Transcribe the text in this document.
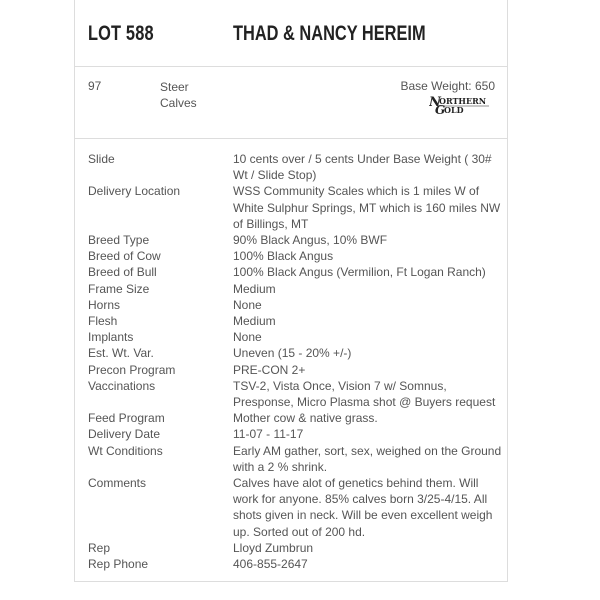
LOT 588	THAD & NANCY HEREIM
97	Steer Calves
Base Weight: 650
N
ORTHERN
G
OLD
Slide	10 cents over / 5 cents Under Base Weight ( 30# Wt / Slide Stop)
Delivery Location	WSS Community Scales which is 1 miles W of White Sulphur Springs, MT which is 160 miles NW of Billings, MT
Breed Type	90% Black Angus, 10% BWF
Breed of Cow	100% Black Angus
Breed of Bull	100% Black Angus (Vermilion, Ft Logan Ranch)
Frame Size	Medium
Horns	None
Flesh	Medium
Implants	None
Est. Wt. Var.	Uneven (15 - 20% +/-)
Precon Program	PRE-CON 2+
Vaccinations	TSV-2, Vista Once, Vision 7 w/ Somnus, Presponse, Micro Plasma shot @ Buyers request
Feed Program	Mother cow & native grass.
Delivery Date	11-07 - 11-17
Wt Conditions	Early AM gather, sort, sex, weighed on the Ground with a 2 % shrink.
Comments	Calves have alot of genetics behind them. Will work for anyone. 85% calves born 3/25-4/15. All shots given in neck. Will be even excellent weigh up. Sorted out of 200 hd.
Rep	Lloyd Zumbrun
Rep Phone	406-855-2647
